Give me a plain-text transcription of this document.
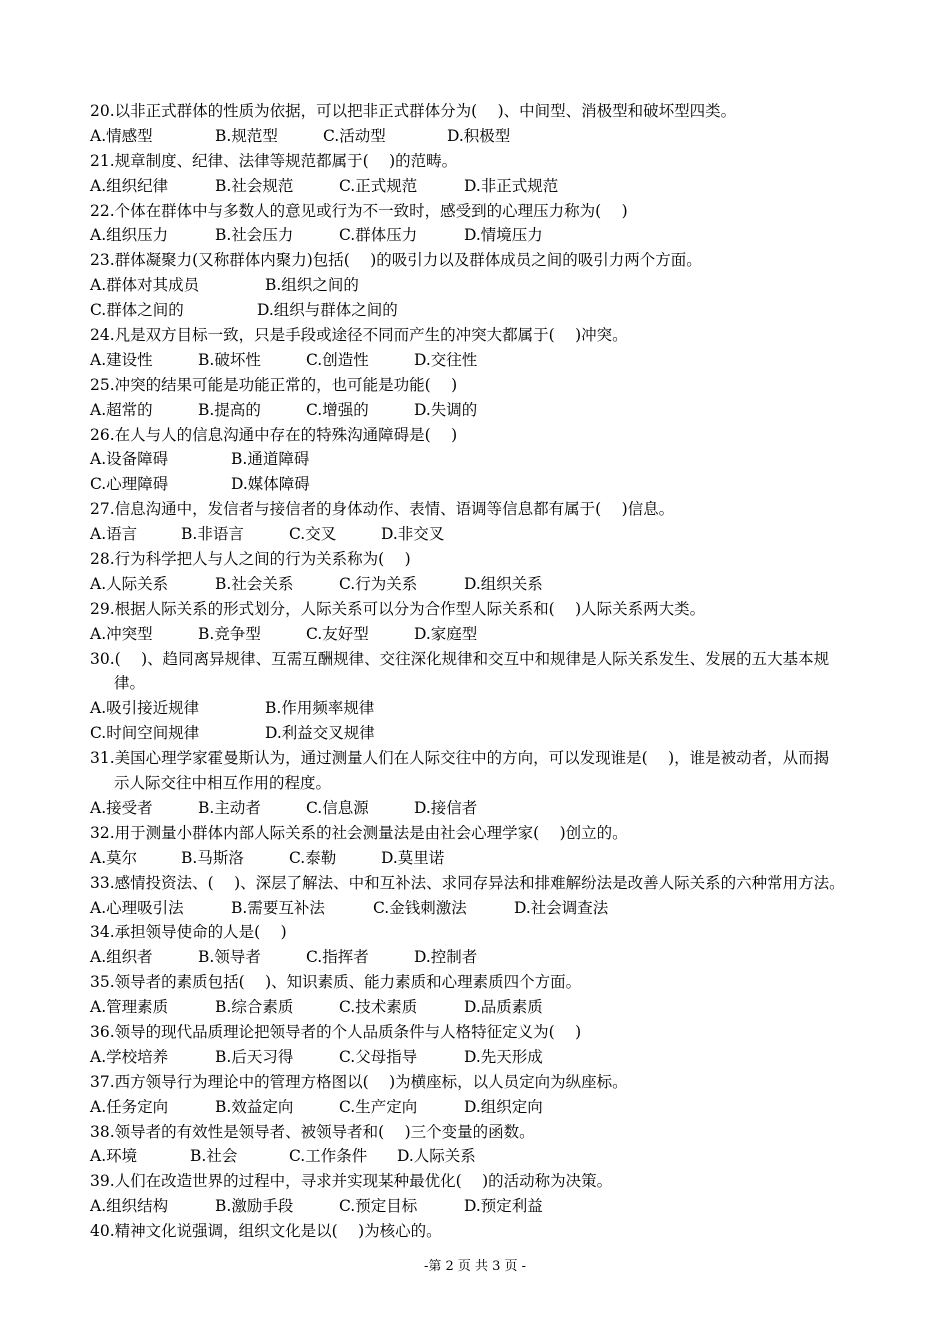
20.以非正式群体的性质为依据，可以把非正式群体分为(　 )、中间型、消极型和破坏型四类。
A.情感型	B.规范型	C.活动型	D.积极型
21.规章制度、纪律、法律等规范都属于(　 )的范畴。
A.组织纪律	B.社会规范	C.正式规范	D.非正式规范
22.个体在群体中与多数人的意见或行为不一致时，感受到的心理压力称为(　 )
A.组织压力	B.社会压力	C.群体压力	D.情境压力
23.群体凝聚力(又称群体内聚力)包括(　 )的吸引力以及群体成员之间的吸引力两个方面。
A.群体对其成员	B.组织之间的
C.群体之间的	D.组织与群体之间的
24.凡是双方目标一致，只是手段或途径不同而产生的冲突大都属于(　 )冲突。
A.建设性	B.破坏性	C.创造性	D.交往性
25.冲突的结果可能是功能正常的，也可能是功能(　 )
A.超常的	B.提高的	C.增强的	D.失调的
26.在人与人的信息沟通中存在的特殊沟通障碍是(　 )
A.设备障碍	B.通道障碍
C.心理障碍	D.媒体障碍
27.信息沟通中，发信者与接信者的身体动作、表情、语调等信息都有属于(　 )信息。
A.语言	B.非语言	C.交叉	D.非交叉
28.行为科学把人与人之间的行为关系称为(　 )
A.人际关系	B.社会关系	C.行为关系	D.组织关系
29.根据人际关系的形式划分，人际关系可以分为合作型人际关系和(　 )人际关系两大类。
A.冲突型	B.竞争型	C.友好型	D.家庭型
30.(　 )、趋同离异规律、互需互酬规律、交往深化规律和交互中和规律是人际关系发生、发展的五大基本规
律。
A.吸引接近规律	B.作用频率规律
C.时间空间规律	D.利益交叉规律
31.美国心理学家霍曼斯认为，通过测量人们在人际交往中的方向，可以发现谁是(　 )，谁是被动者，从而揭
示人际交往中相互作用的程度。
A.接受者	B.主动者	C.信息源	D.接信者
32.用于测量小群体内部人际关系的社会测量法是由社会心理学家(　 )创立的。
A.莫尔	B.马斯洛	C.泰勒	D.莫里诺
33.感情投资法、(　 )、深层了解法、中和互补法、求同存异法和排难解纷法是改善人际关系的六种常用方法。
A.心理吸引法	B.需要互补法	C.金钱刺激法	D.社会调查法
34.承担领导使命的人是(　 )
A.组织者	B.领导者	C.指挥者	D.控制者
35.领导者的素质包括(　 )、知识素质、能力素质和心理素质四个方面。
A.管理素质	B.综合素质	C.技术素质	D.品质素质
36.领导的现代品质理论把领导者的个人品质条件与人格特征定义为(　 )
A.学校培养	B.后天习得	C.父母指导	D.先天形成
37.西方领导行为理论中的管理方格图以(　 )为横座标，以人员定向为纵座标。
A.任务定向	B.效益定向	C.生产定向	D.组织定向
38.领导者的有效性是领导者、被领导者和(　 )三个变量的函数。
A.环境	B.社会	C.工作条件 D.人际关系
39.人们在改造世界的过程中，寻求并实现某种最优化(　 )的活动称为决策。
A.组织结构	B.激励手段	C.预定目标	D.预定利益
40.精神文化说强调，组织文化是以(　 )为核心的。
-第 2 页 共 3 页 -
